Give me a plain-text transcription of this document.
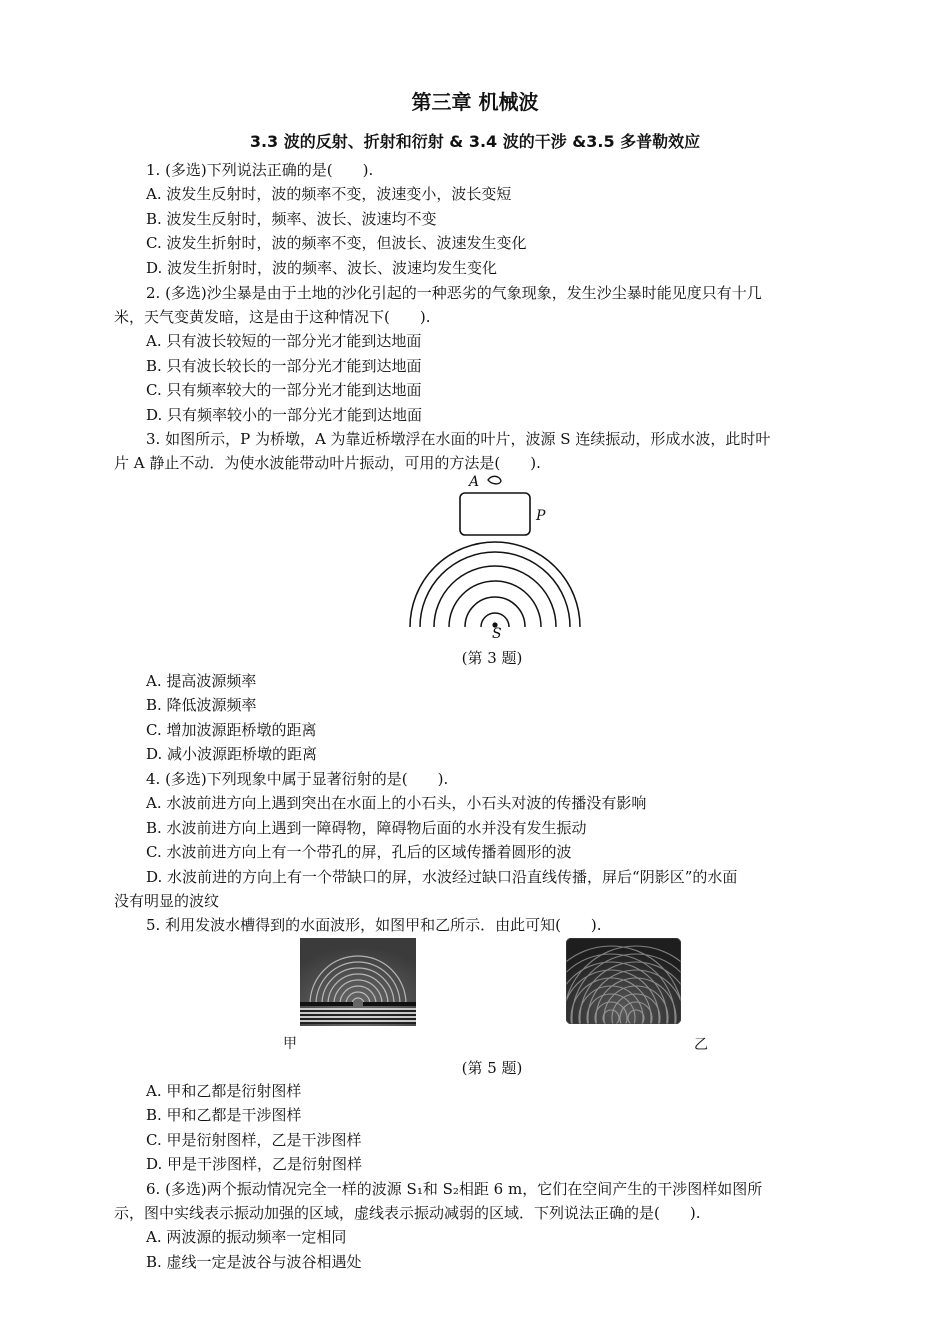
第三章 机械波
3.3 波的反射、折射和衍射 & 3.4 波的干涉 &3.5 多普勒效应
1. (多选)下列说法正确的是(　　).
A. 波发生反射时，波的频率不变，波速变小，波长变短
B. 波发生反射时，频率、波长、波速均不变
C. 波发生折射时，波的频率不变，但波长、波速发生变化
D. 波发生折射时，波的频率、波长、波速均发生变化
2. (多选)沙尘暴是由于土地的沙化引起的一种恶劣的气象现象，发生沙尘暴时能见度只有十几
米，天气变黄发暗，这是由于这种情况下(　　).
A. 只有波长较短的一部分光才能到达地面
B. 只有波长较长的一部分光才能到达地面
C. 只有频率较大的一部分光才能到达地面
D. 只有频率较小的一部分光才能到达地面
3. 如图所示，P 为桥墩，A 为靠近桥墩浮在水面的叶片，波源 S 连续振动，形成水波，此时叶
片 A 静止不动．为使水波能带动叶片振动，可用的方法是(　　).
A
P
S
(第 3 题)
A. 提高波源频率
B. 降低波源频率
C. 增加波源距桥墩的距离
D. 减小波源距桥墩的距离
4. (多选)下列现象中属于显著衍射的是(　　).
A. 水波前进方向上遇到突出在水面上的小石头，小石头对波的传播没有影响
B. 水波前进方向上遇到一障碍物，障碍物后面的水并没有发生振动
C. 水波前进方向上有一个带孔的屏，孔后的区域传播着圆形的波
D. 水波前进的方向上有一个带缺口的屏，水波经过缺口沿直线传播，屏后“阴影区”的水面
没有明显的波纹
5. 利用发波水槽得到的水面波形，如图甲和乙所示．由此可知(　　).
甲	乙
(第 5 题)
A. 甲和乙都是衍射图样
B. 甲和乙都是干涉图样
C. 甲是衍射图样，乙是干涉图样
D. 甲是干涉图样，乙是衍射图样
6. (多选)两个振动情况完全一样的波源 S₁和 S₂相距 6 m，它们在空间产生的干涉图样如图所
示，图中实线表示振动加强的区域，虚线表示振动减弱的区域．下列说法正确的是(　　).
A. 两波源的振动频率一定相同
B. 虚线一定是波谷与波谷相遇处
